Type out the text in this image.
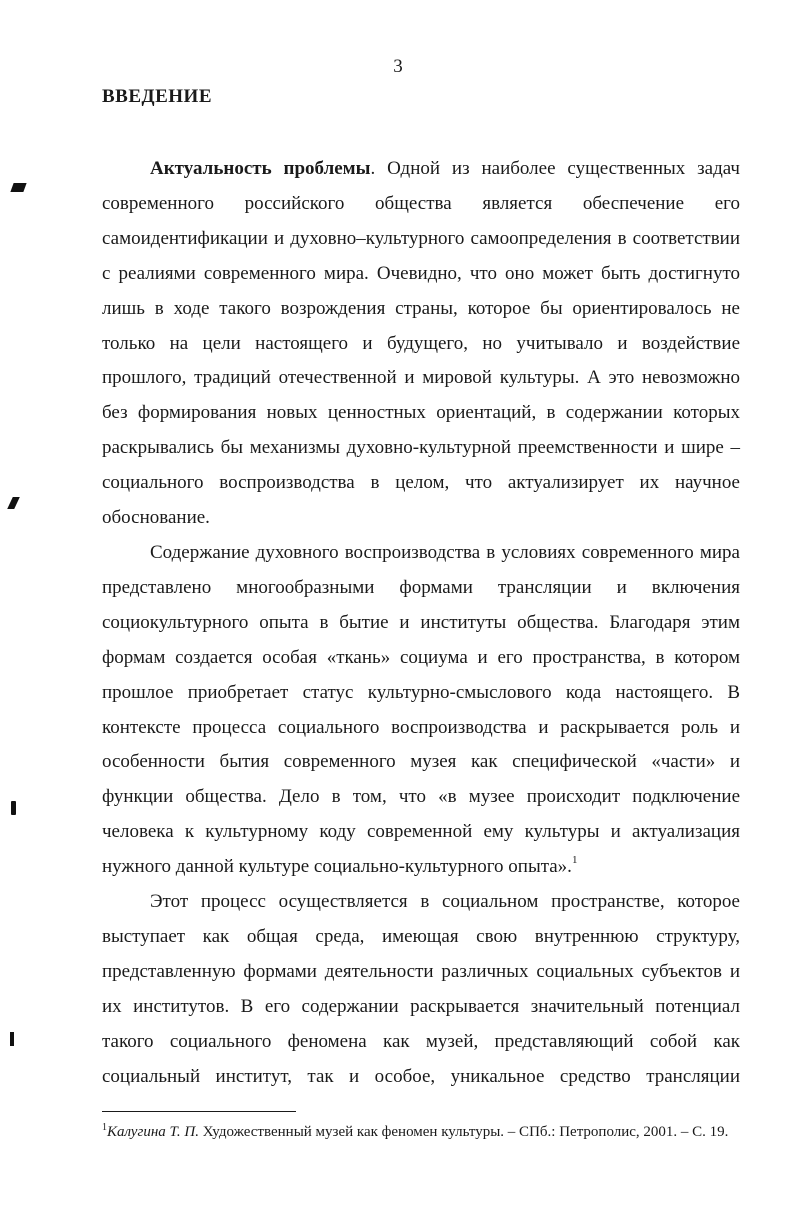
3
ВВЕДЕНИЕ

Актуальность проблемы. Одной из наиболее существенных задач современного российского общества является обеспечение его самоидентификации и духовно–культурного самоопределения в соответствии с реалиями современного мира. Очевидно, что оно может быть достигнуто лишь в ходе такого возрождения страны, которое бы ориентировалось не только на цели настоящего и будущего, но учитывало и воздействие прошлого, традиций отечественной и мировой культуры. А это невозможно без формирования новых ценностных ориентаций, в содержании которых раскрывались бы механизмы духовно-культурной преемственности и шире – социального воспроизводства в целом, что актуализирует их научное обоснование.

Содержание духовного воспроизводства в условиях современного мира представлено многообразными формами трансляции и включения социокультурного опыта в бытие и институты общества. Благодаря этим формам создается особая «ткань» социума и его пространства, в котором прошлое приобретает статус культурно-смыслового кода настоящего. В контексте процесса социального воспроизводства и раскрывается роль и особенности бытия современного музея как специфической «части» и функции общества. Дело в том, что «в музее происходит подключение человека к культурному коду современной ему культуры и актуализация нужного данной культуре социально-культурного опыта».$^1$

Этот процесс осуществляется в социальном пространстве, которое выступает как общая среда, имеющая свою внутреннюю структуру, представленную формами деятельности различных социальных субъектов и их институтов. В его содержании раскрывается значительный потенциал такого социального феномена как музей, представляющий собой как социальный институт, так и особое, уникальное средство трансляции

$^1$Калугина Т. П. Художественный музей как феномен культуры. – СПб.: Петрополис, 2001. – С. 19.
